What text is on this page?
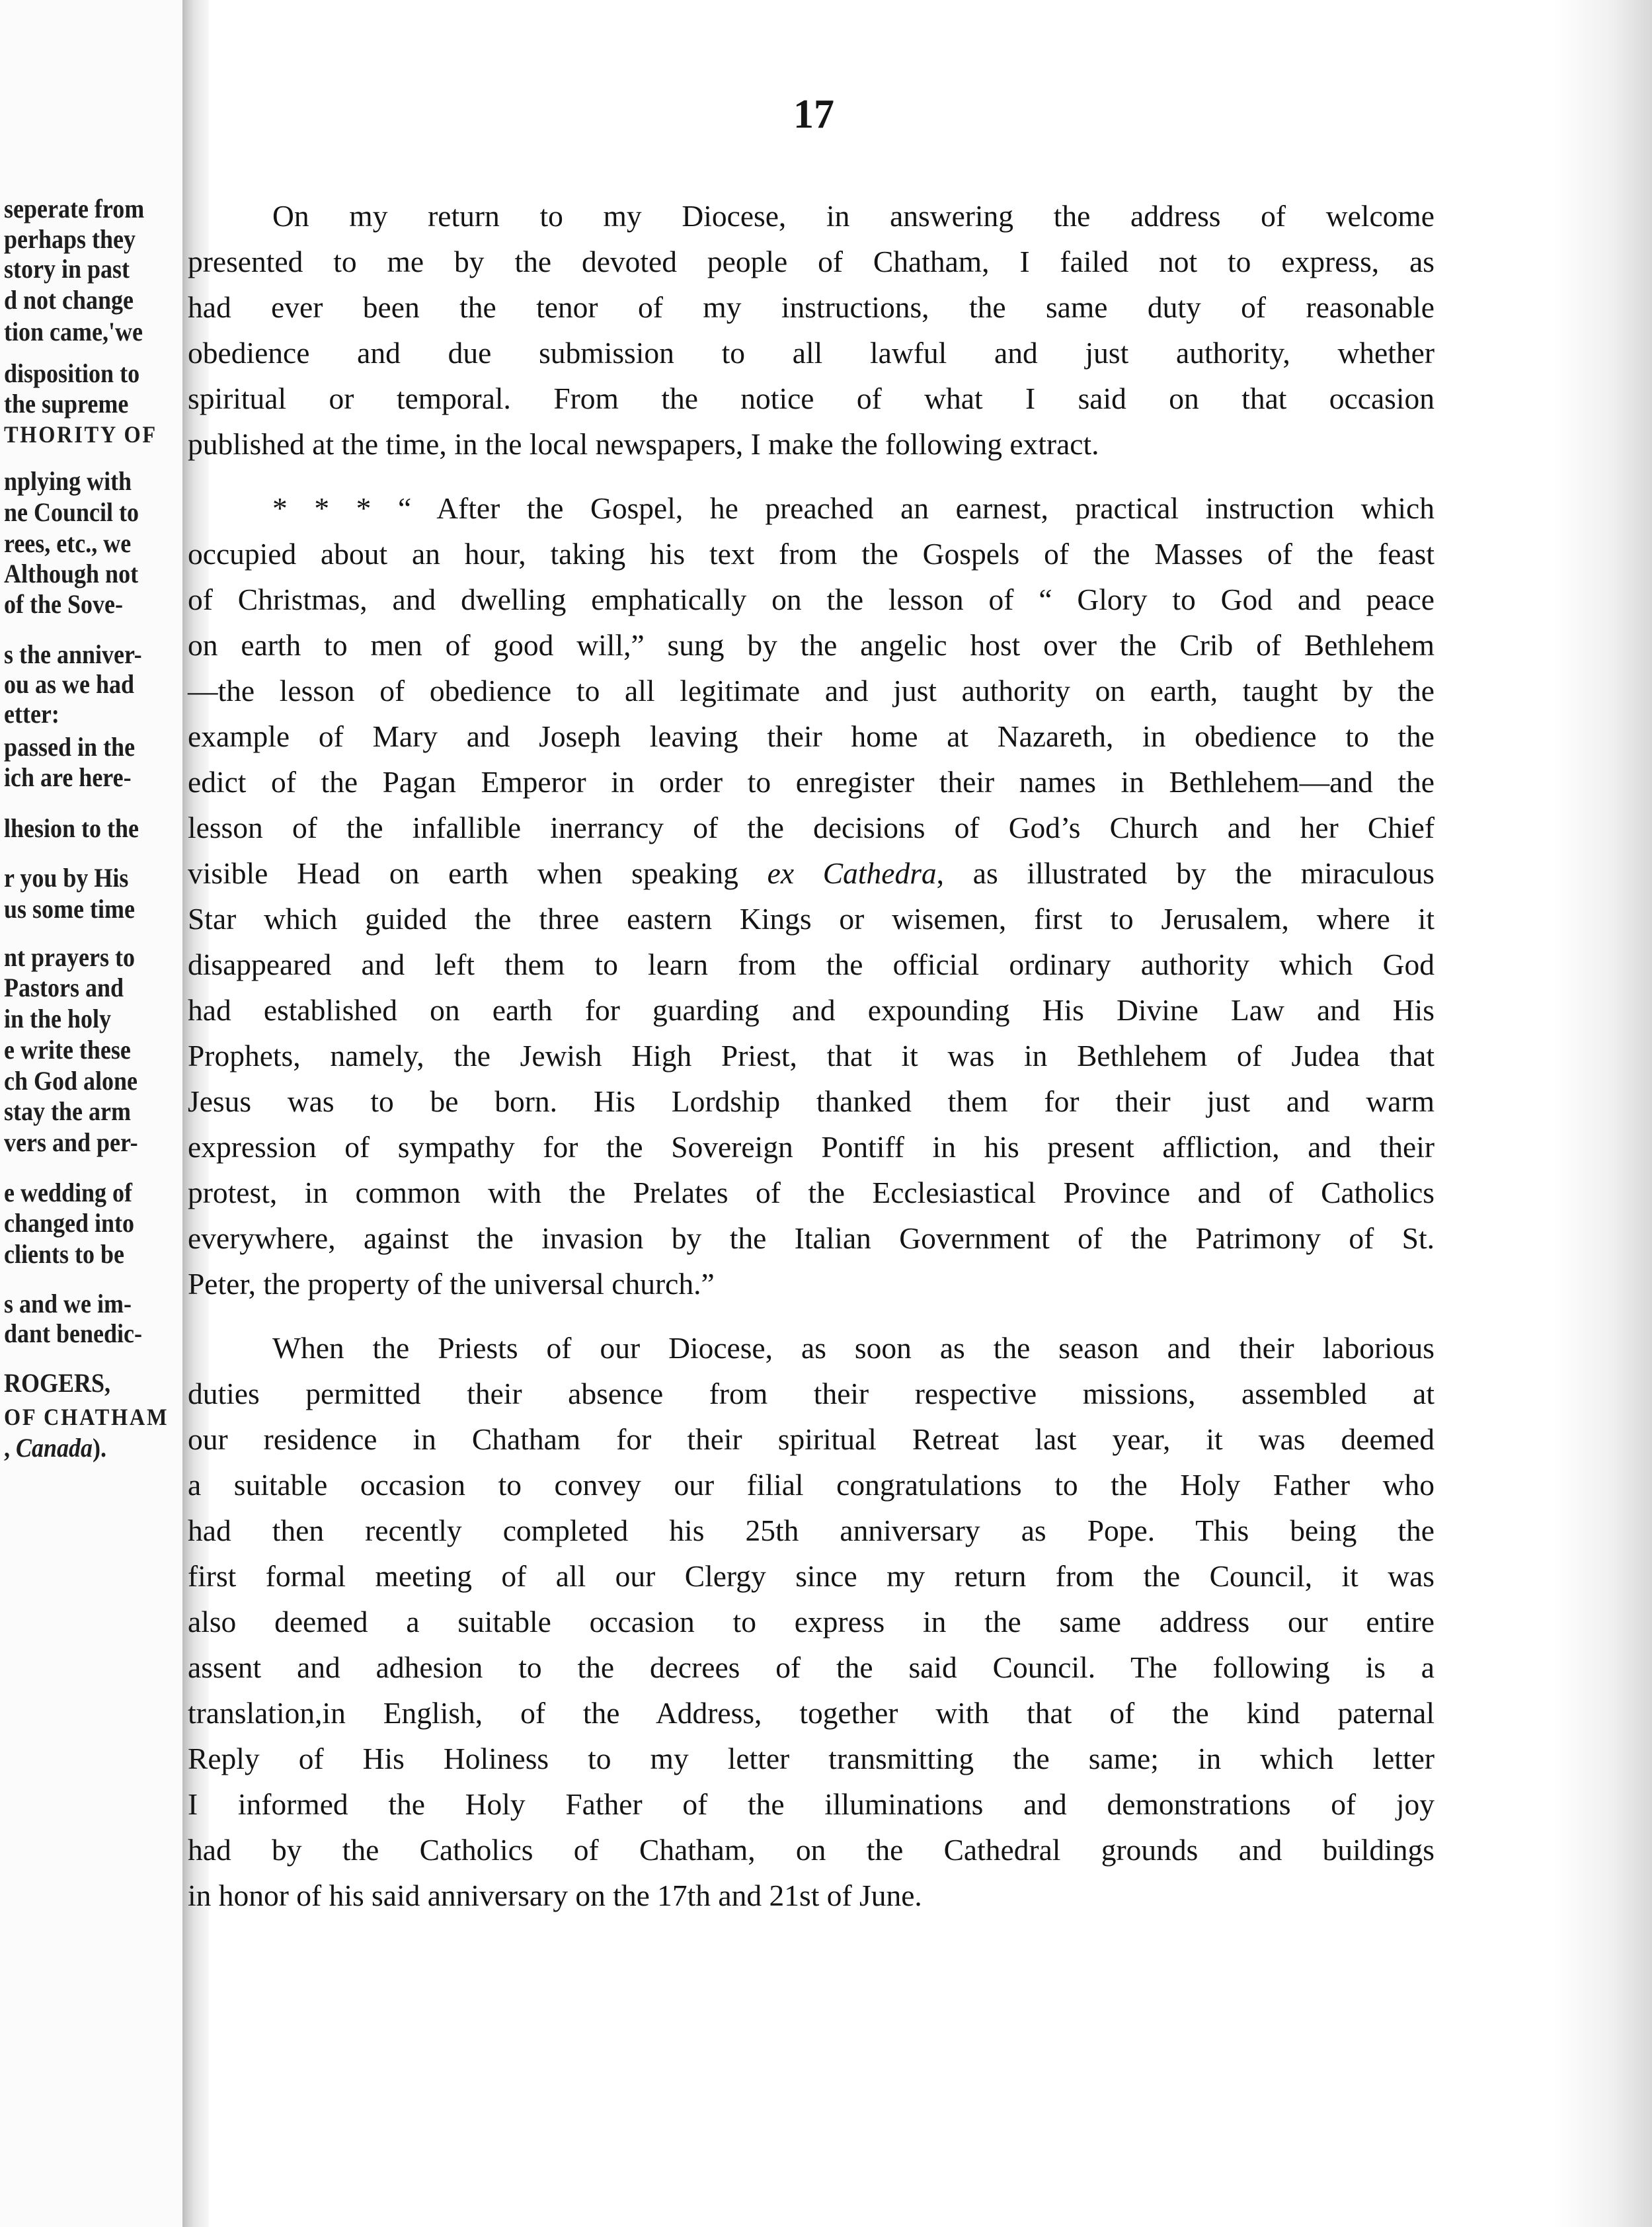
seperate from
perhaps they
story in past
d not change
tion came,'we
disposition to
the supreme
THORITY OF
nplying with
ne Council to
rees, etc., we
Although not
of the Sove-
s the anniver-
ou as we had
etter:
passed in the
ich are here-
lhesion to the
r you by His
us some time
nt prayers to
Pastors and
in the holy
e write these
ch God alone
stay the arm
vers and per-
e wedding of
changed into
clients to be
s and we im-
dant benedic-
ROGERS,
OF CHATHAM
, Canada).
17

On my return to my Diocese, in answering the address of welcome

presented to me by the devoted people of Chatham, I failed not to express, as

had ever been the tenor of my instructions, the same duty of reasonable

obedience and due submission to all lawful and just authority, whether

spiritual or temporal. From the notice of what I said on that occasion

published at the time, in the local newspapers, I make the following extract.

* * * “ After the Gospel, he preached an earnest, practical instruction which

occupied about an hour, taking his text from the Gospels of the Masses of the feast

of Christmas, and dwelling emphatically on the lesson of “ Glory to God and peace

on earth to men of good will,” sung by the angelic host over the Crib of Bethlehem

—the lesson of obedience to all legitimate and just authority on earth, taught by the

example of Mary and Joseph leaving their home at Nazareth, in obedience to the

edict of the Pagan Emperor in order to enregister their names in Bethlehem—and the

lesson of the infallible inerrancy of the decisions of God’s Church and her Chief

visible Head on earth when speaking ex Cathedra, as illustrated by the miraculous

Star which guided the three eastern Kings or wisemen, first to Jerusalem, where it

disappeared and left them to learn from the official ordinary authority which God

had established on earth for guarding and expounding His Divine Law and His

Prophets, namely, the Jewish High Priest, that it was in Bethlehem of Judea that

Jesus was to be born. His Lordship thanked them for their just and warm

expression of sympathy for the Sovereign Pontiff in his present affliction, and their

protest, in common with the Prelates of the Ecclesiastical Province and of Catholics

everywhere, against the invasion by the Italian Government of the Patrimony of St.

Peter, the property of the universal church.”

When the Priests of our Diocese, as soon as the season and their laborious

duties permitted their absence from their respective missions, assembled at

our residence in Chatham for their spiritual Retreat last year, it was deemed

a suitable occasion to convey our filial congratulations to the Holy Father who

had then recently completed his 25th anniversary as Pope. This being the

first formal meeting of all our Clergy since my return from the Council, it was

also deemed a suitable occasion to express in the same address our entire

assent and adhesion to the decrees of the said Council. The following is a

translation,in English, of the Address, together with that of the kind paternal

Reply of His Holiness to my letter transmitting the same; in which letter

I informed the Holy Father of the illuminations and demonstrations of joy

had by the Catholics of Chatham, on the Cathedral grounds and buildings

in honor of his said anniversary on the 17th and 21st of June.
